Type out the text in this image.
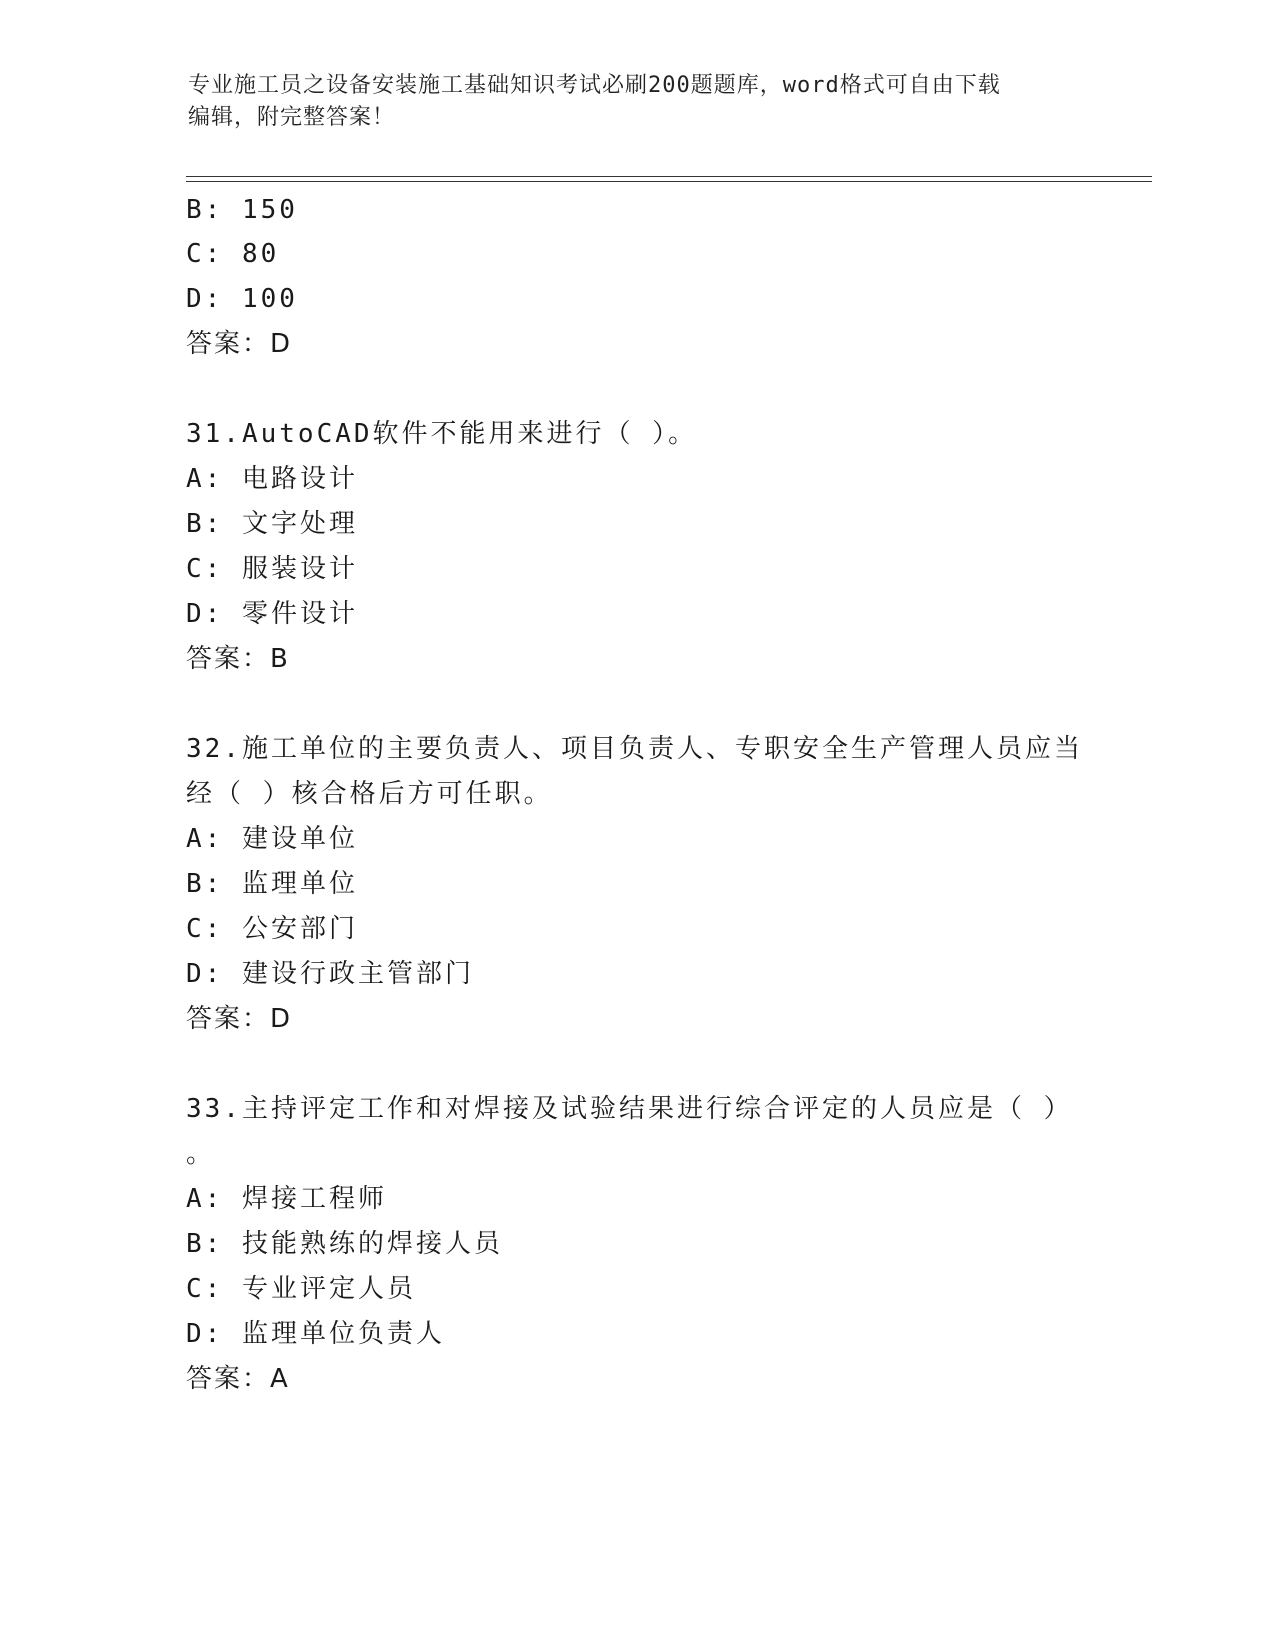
专业施工员之设备安装施工基础知识考试必刷200题题库，word格式可自由下载
编辑，附完整答案！
B: 150
C: 80
D: 100
答案：D
31.AutoCAD软件不能用来进行（ ）。
A: 电路设计
B: 文字处理
C: 服装设计
D: 零件设计
答案：B
32.施工单位的主要负责人、项目负责人、专职安全生产管理人员应当
经（ ）核合格后方可任职。
A: 建设单位
B: 监理单位
C: 公安部门
D: 建设行政主管部门
答案：D
33.主持评定工作和对焊接及试验结果进行综合评定的人员应是（ ）
。
A: 焊接工程师
B: 技能熟练的焊接人员
C: 专业评定人员
D: 监理单位负责人
答案：A
